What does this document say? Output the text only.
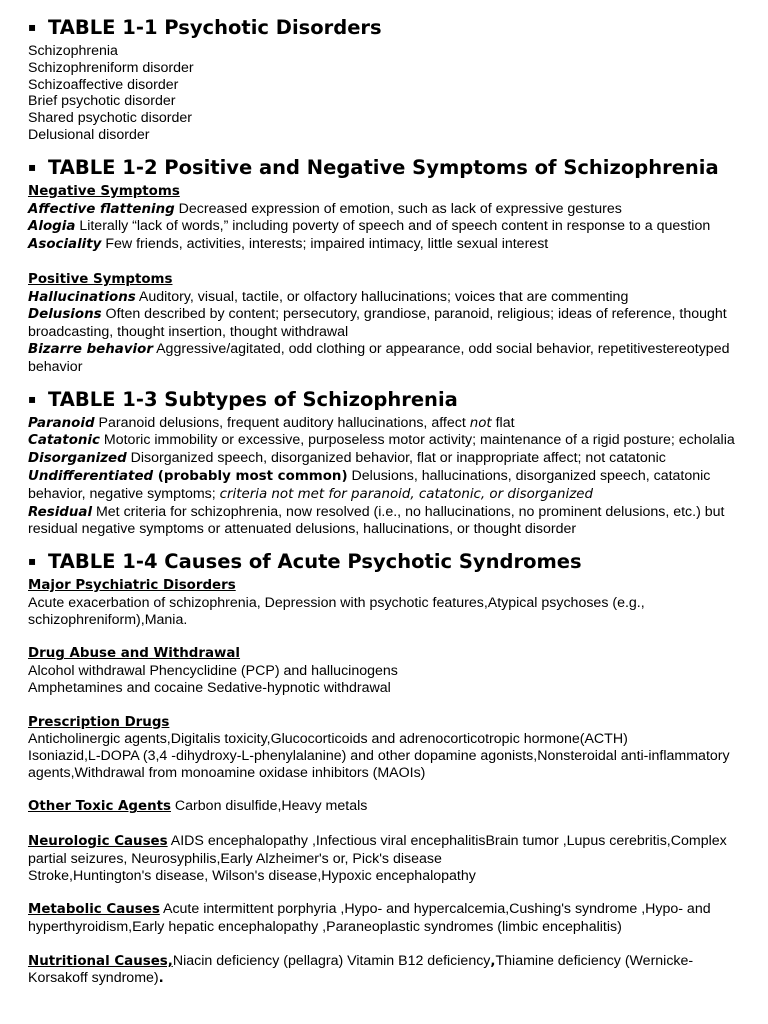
▪ TABLE 1-1 Psychotic Disorders

Schizophrenia

Schizophreniform disorder

Schizoaffective disorder

Brief psychotic disorder

Shared psychotic disorder

Delusional disorder

▪ TABLE 1-2 Positive and Negative Symptoms of Schizophrenia

Negative Symptoms

Affective flattening Decreased expression of emotion, such as lack of expressive gestures

Alogia Literally “lack of words,” including poverty of speech and of speech content in response to a question

Asociality Few friends, activities, interests; impaired intimacy, little sexual interest

Positive Symptoms

Hallucinations Auditory, visual, tactile, or olfactory hallucinations; voices that are commenting

Delusions Often described by content; persecutory, grandiose, paranoid, religious; ideas of reference, thought broadcasting, thought insertion, thought withdrawal

Bizarre behavior Aggressive/agitated, odd clothing or appearance, odd social behavior, repetitivestereotyped behavior

▪ TABLE 1-3 Subtypes of Schizophrenia

Paranoid Paranoid delusions, frequent auditory hallucinations, affect not flat

Catatonic Motoric immobility or excessive, purposeless motor activity; maintenance of a rigid posture; echolalia

Disorganized Disorganized speech, disorganized behavior, flat or inappropriate affect; not catatonic

Undifferentiated (probably most common) Delusions, hallucinations, disorganized speech, catatonic behavior, negative symptoms; criteria not met for paranoid, catatonic, or disorganized

Residual Met criteria for schizophrenia, now resolved (i.e., no hallucinations, no prominent delusions, etc.) but residual negative symptoms or attenuated delusions, hallucinations, or thought disorder

▪ TABLE 1-4 Causes of Acute Psychotic Syndromes

Major Psychiatric Disorders

Acute exacerbation of schizophrenia, Depression with psychotic features,Atypical psychoses (e.g., schizophreniform),Mania.

Drug Abuse and Withdrawal

Alcohol withdrawal Phencyclidine (PCP) and hallucinogens

Amphetamines and cocaine Sedative-hypnotic withdrawal

Prescription Drugs

Anticholinergic agents,Digitalis toxicity,Glucocorticoids and adrenocorticotropic hormone(ACTH)

Isoniazid,L-DOPA (3,4 -dihydroxy-L-phenylalanine) and other dopamine agonists,Nonsteroidal anti-inflammatory agents,Withdrawal from monoamine oxidase inhibitors (MAOIs)

Other Toxic Agents Carbon disulfide,Heavy metals

Neurologic Causes AIDS encephalopathy ,Infectious viral encephalitisBrain tumor ,Lupus cerebritis,Complex partial seizures, Neurosyphilis,Early Alzheimer's or, Pick's disease

Stroke,Huntington's disease, Wilson's disease,Hypoxic encephalopathy

Metabolic Causes Acute intermittent porphyria ,Hypo- and hypercalcemia,Cushing's syndrome ,Hypo- and hyperthyroidism,Early hepatic encephalopathy ,Paraneoplastic syndromes (limbic encephalitis)

Nutritional Causes,Niacin deficiency (pellagra) Vitamin B12 deficiency,Thiamine deficiency (Wernicke-Korsakoff syndrome).
